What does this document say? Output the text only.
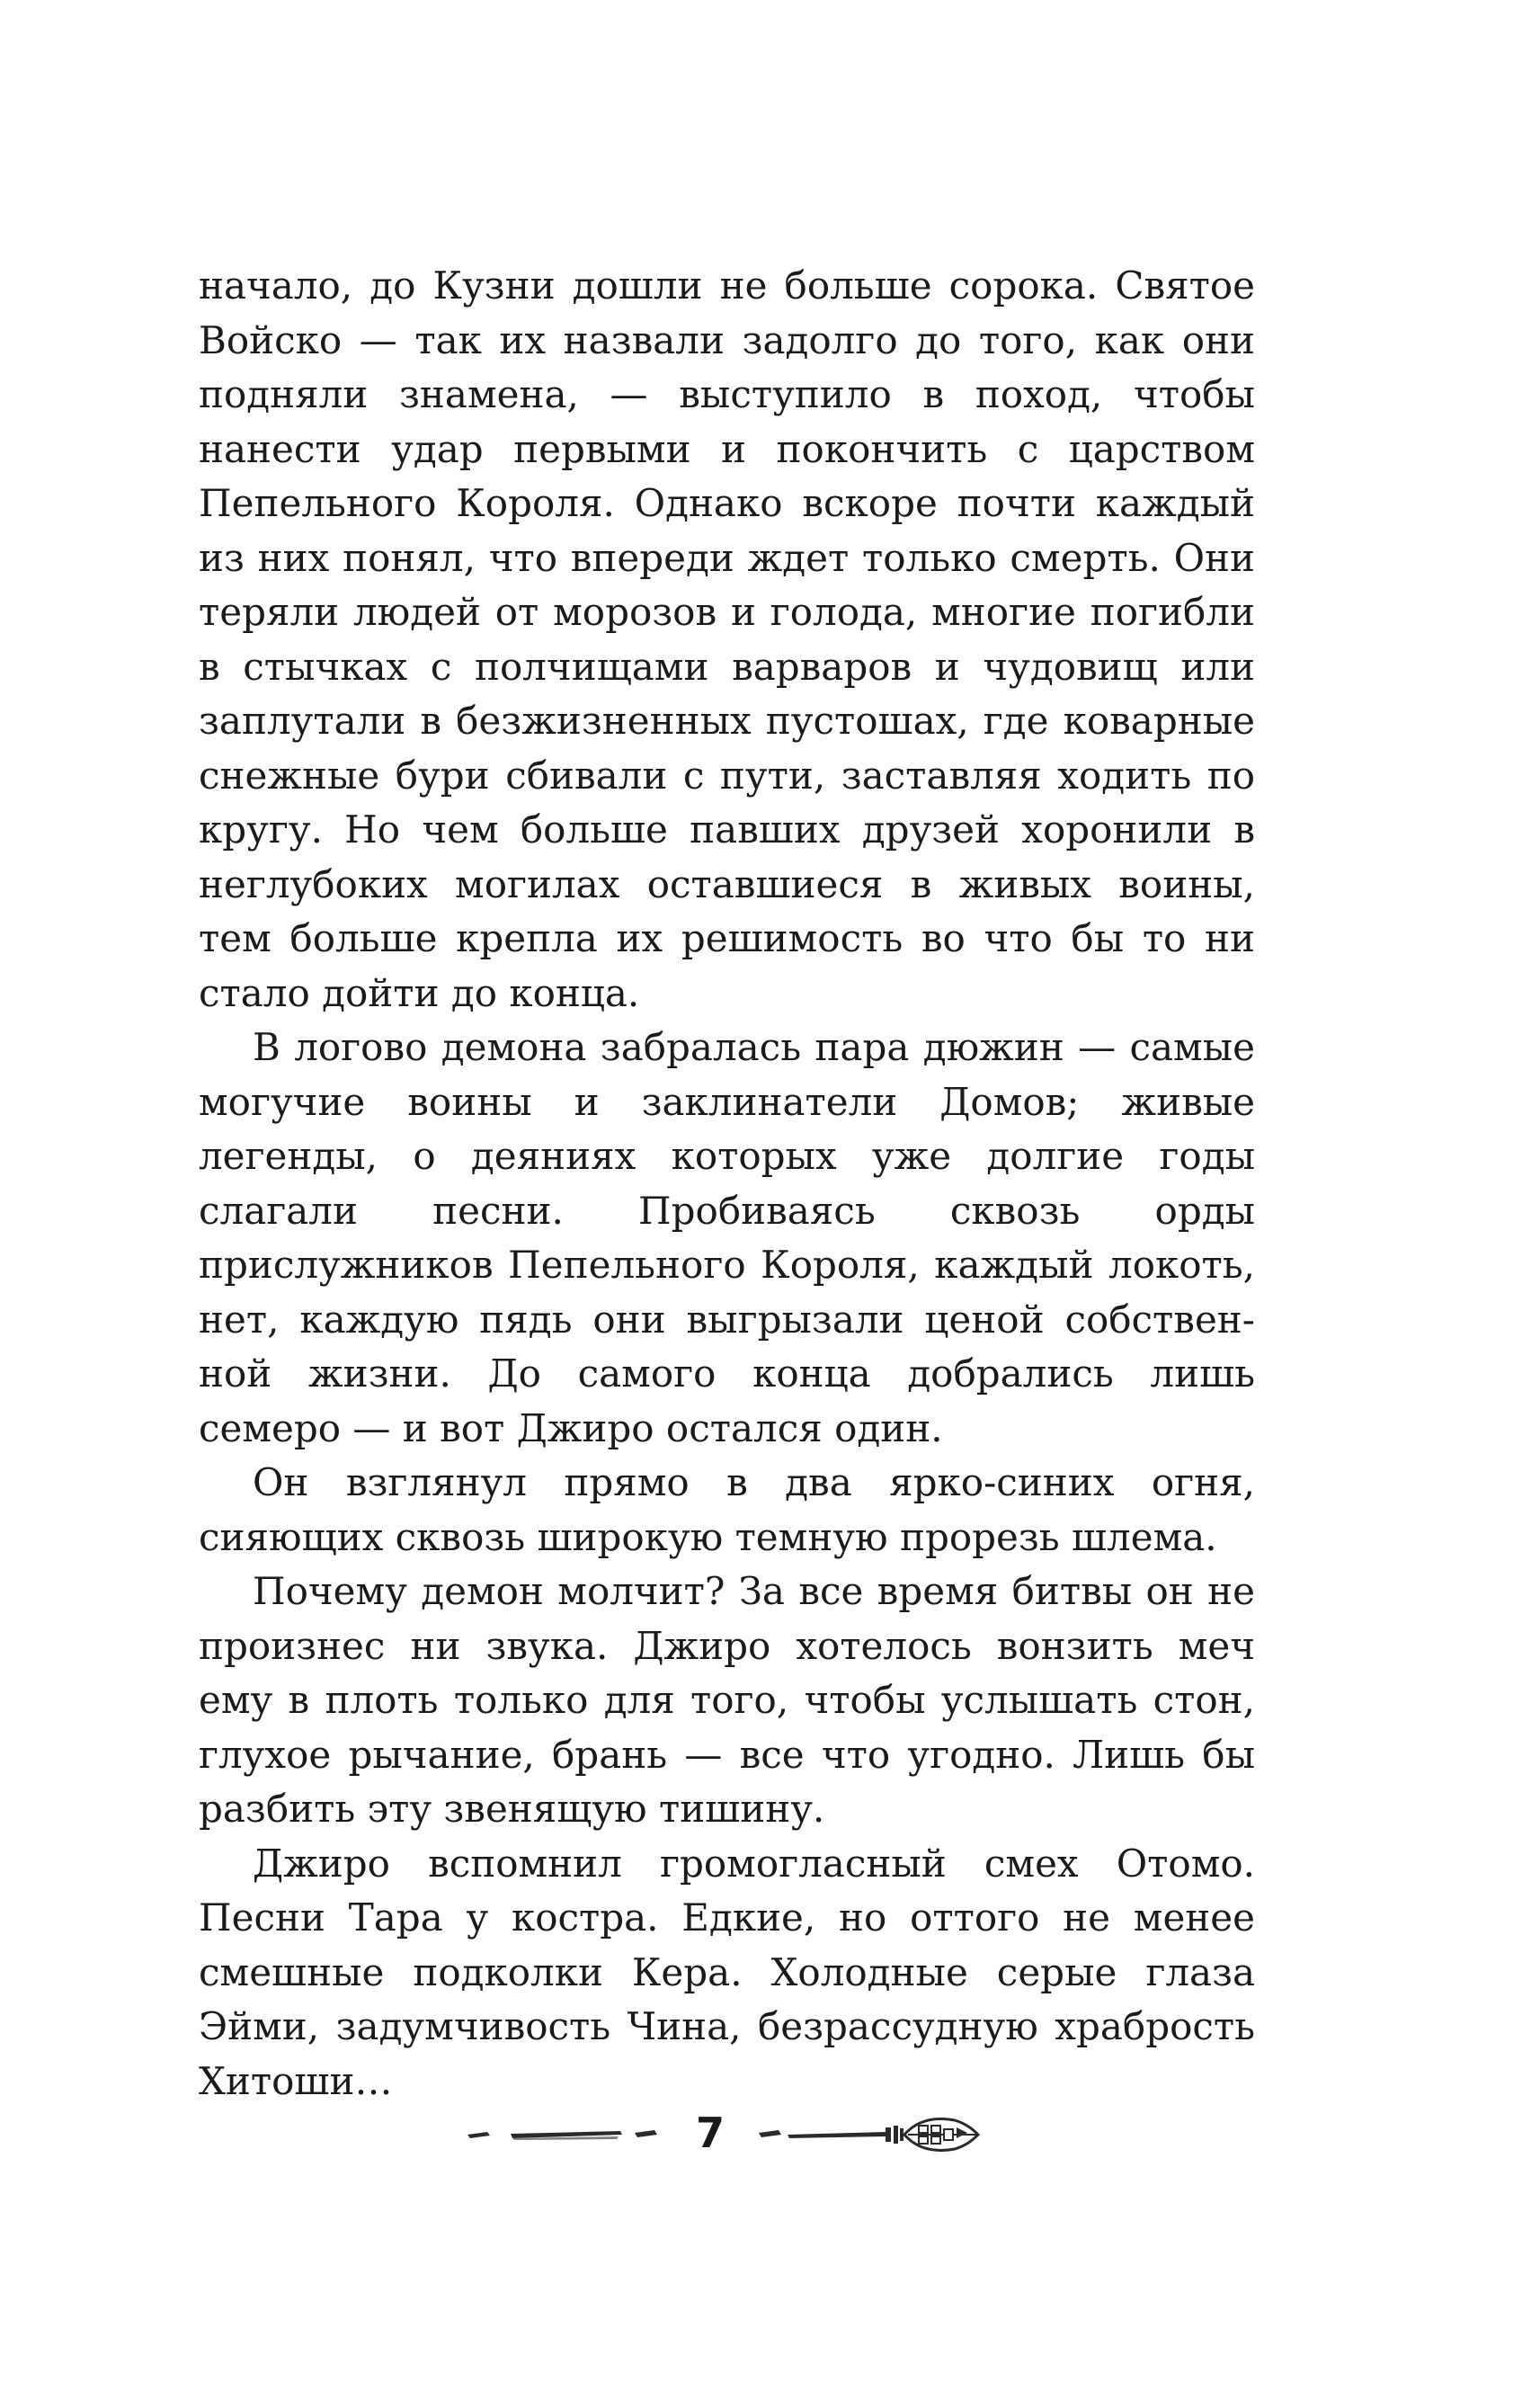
начало, до Кузни дошли не больше сорока. Святое Войско — так их назвали задолго до того, как они подняли знамена, — выступило в поход, чтобы нанести удар первыми и покончить с царством Пепельного Короля. Однако вскоре почти каждый из них понял, что впереди ждет только смерть. Они теряли людей от морозов и голода, многие погибли в стычках с полчищами варваров и чудовищ или заплутали в безжизненных пустошах, где коварные снежные бури сбивали с пути, заставляя ходить по кругу. Но чем больше павших друзей хоронили в неглубоких могилах оставшиеся в живых воины, тем больше крепла их решимость во что бы то ни стало дойти до конца.

В логово демона забралась пара дюжин — самые могучие воины и заклинатели Домов; живые легенды, о деяниях которых уже долгие годы слагали песни. Пробиваясь сквозь орды прислужников Пепельного Короля, каждый локоть, нет, каждую пядь они выгрызали ценой собственной жизни. До самого конца добрались лишь семеро — и вот Джиро остался один.

Он взглянул прямо в два ярко-синих огня, сияющих сквозь широкую темную прорезь шлема.

Почему демон молчит? За все время битвы он не произнес ни звука. Джиро хотелось вонзить меч ему в плоть только для того, чтобы услышать стон, глухое рычание, брань — все что угодно. Лишь бы разбить эту звенящую тишину.

Джиро вспомнил громогласный смех Отомо. Песни Тара у костра. Едкие, но оттого не менее смешные подколки Кера. Холодные серые глаза Эйми, задумчивость Чина, безрассудную храбрость Хитоши…

7
